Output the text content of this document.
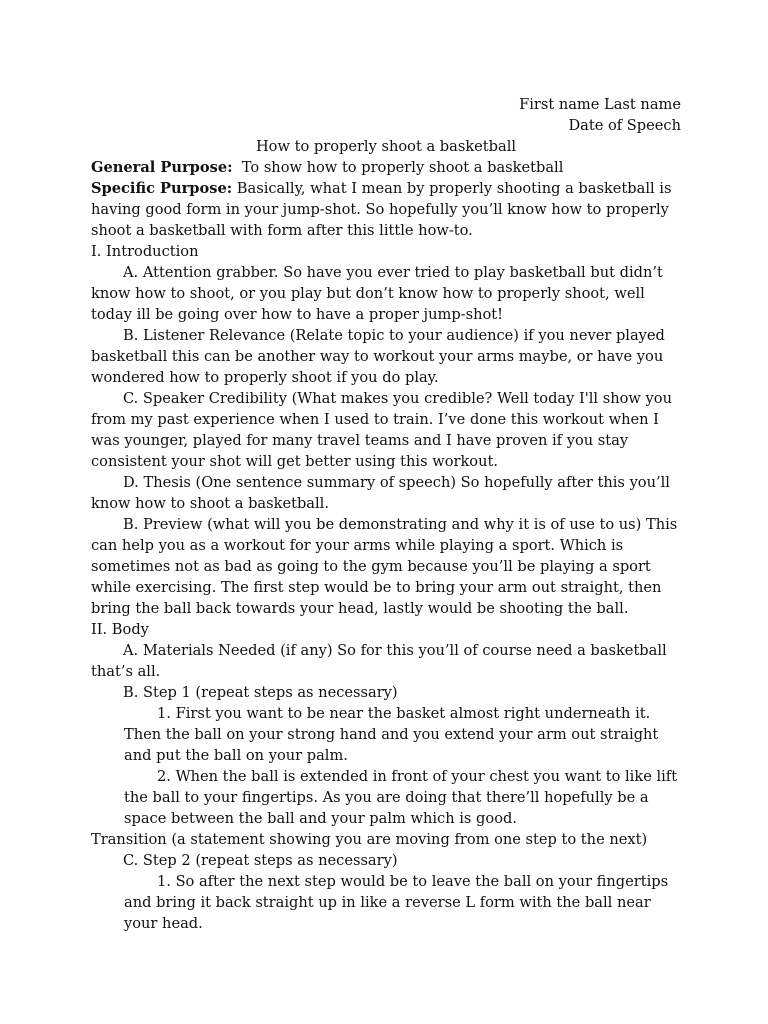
First name Last name

Date of Speech

How to properly shoot a basketball

General Purpose:  To show how to properly shoot a basketball

Specific Purpose: Basically, what I mean by properly shooting a basketball is having good form in your jump-shot. So hopefully you’ll know how to properly shoot a basketball with form after this little how-to.

I. Introduction

A. Attention grabber. So have you ever tried to play basketball but didn’t know how to shoot, or you play but don’t know how to properly shoot, well today ill be going over how to have a proper jump-shot!

B. Listener Relevance (Relate topic to your audience) if you never played basketball this can be another way to workout your arms maybe, or have you wondered how to properly shoot if you do play.

C. Speaker Credibility (What makes you credible? Well today I'll show you from my past experience when I used to train. I’ve done this workout when I was younger, played for many travel teams and I have proven if you stay consistent your shot will get better using this workout.

D. Thesis (One sentence summary of speech) So hopefully after this you’ll know how to shoot a basketball.

B. Preview (what will you be demonstrating and why it is of use to us) This can help you as a workout for your arms while playing a sport. Which is sometimes not as bad as going to the gym because you’ll be playing a sport while exercising. The first step would be to bring your arm out straight, then bring the ball back towards your head, lastly would be shooting the ball.

II. Body

A. Materials Needed (if any) So for this you’ll of course need a basketball that’s all.

B. Step 1 (repeat steps as necessary)

1. First you want to be near the basket almost right underneath it. Then the ball on your strong hand and you extend your arm out straight and put the ball on your palm.

2. When the ball is extended in front of your chest you want to like lift the ball to your fingertips. As you are doing that there’ll hopefully be a space between the ball and your palm which is good.

Transition (a statement showing you are moving from one step to the next)

C. Step 2 (repeat steps as necessary)

1. So after the next step would be to leave the ball on your fingertips and bring it back straight up in like a reverse L form with the ball near your head.
